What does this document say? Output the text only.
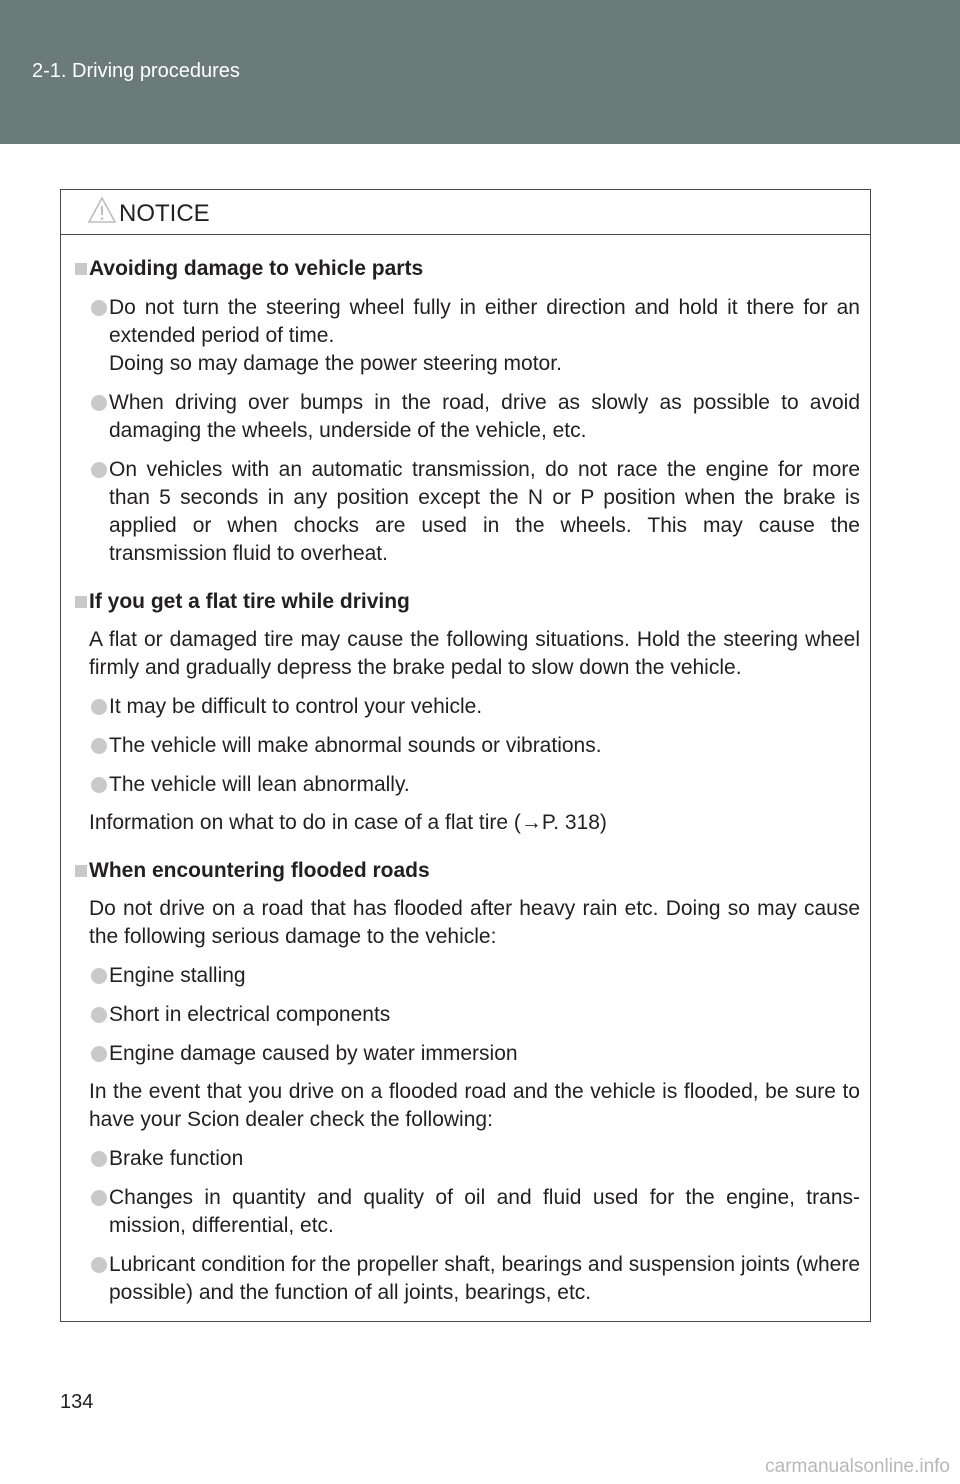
2-1. Driving procedures
NOTICE
Avoiding damage to vehicle parts
Do not turn the steering wheel fully in either direction and hold it there for an extended period of time.
Doing so may damage the power steering motor.
When driving over bumps in the road, drive as slowly as possible to avoid damaging the wheels, underside of the vehicle, etc.
On vehicles with an automatic transmission, do not race the engine for more than 5 seconds in any position except the N or P position when the brake is applied or when chocks are used in the wheels. This may cause the transmission fluid to overheat.
If you get a flat tire while driving
A flat or damaged tire may cause the following situations. Hold the steering wheel firmly and gradually depress the brake pedal to slow down the vehicle.
It may be difficult to control your vehicle.
The vehicle will make abnormal sounds or vibrations.
The vehicle will lean abnormally.
Information on what to do in case of a flat tire (→P. 318)
When encountering flooded roads
Do not drive on a road that has flooded after heavy rain etc. Doing so may cause the following serious damage to the vehicle:
Engine stalling
Short in electrical components
Engine damage caused by water immersion
In the event that you drive on a flooded road and the vehicle is flooded, be sure to have your Scion dealer check the following:
Brake function
Changes in quantity and quality of oil and fluid used for the engine, trans-mission, differential, etc.
Lubricant condition for the propeller shaft, bearings and suspension joints (where possible) and the function of all joints, bearings, etc.
134
carmanualsonline.info
